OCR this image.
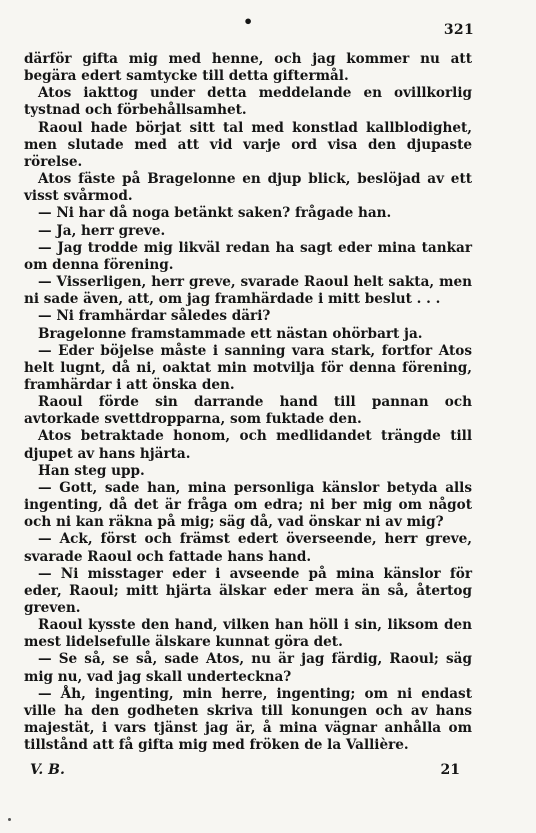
•	321

därför gifta mig med henne, och jag kommer nu att begära edert samtycke till detta giftermål.

Atos iakttog under detta meddelande en ovillkorlig tystnad och förbehållsamhet.

Raoul hade börjat sitt tal med konstlad kallblodighet, men slutade med att vid varje ord visa den djupaste rörelse.

Atos fäste på Bragelonne en djup blick, beslöjad av ett visst svårmod.

— Ni har då noga betänkt saken? frågade han.

— Ja, herr greve.

— Jag trodde mig likväl redan ha sagt eder mina tankar om denna förening.

— Visserligen, herr greve, svarade Raoul helt sakta, men ni sade även, att, om jag framhärdade i mitt beslut . . .

— Ni framhärdar således däri?

Bragelonne framstammade ett nästan ohörbart ja.

— Eder böjelse måste i sanning vara stark, fortfor Atos helt lugnt, då ni, oaktat min motvilja för denna förening, framhärdar i att önska den.

Raoul förde sin darrande hand till pannan och avtorkade svettdropparna, som fuktade den.

Atos betraktade honom, och medlidandet trängde till djupet av hans hjärta.

Han steg upp.

— Gott, sade han, mina personliga känslor betyda alls ingenting, då det är fråga om edra; ni ber mig om något och ni kan räkna på mig; säg då, vad önskar ni av mig?

— Ack, först och främst edert överseende, herr greve, svarade Raoul och fattade hans hand.

— Ni misstager eder i avseende på mina känslor för eder, Raoul; mitt hjärta älskar eder mera än så, återtog greven.

Raoul kysste den hand, vilken han höll i sin, liksom den mest lidelsefulle älskare kunnat göra det.

— Se så, se så, sade Atos, nu är jag färdig, Raoul; säg mig nu, vad jag skall underteckna?

— Åh, ingenting, min herre, ingenting; om ni endast ville ha den godheten skriva till konungen och av hans majestät, i vars tjänst jag är, å mina vägnar anhålla om tillstånd att få gifta mig med fröken de la Vallière.

V. B.	21
